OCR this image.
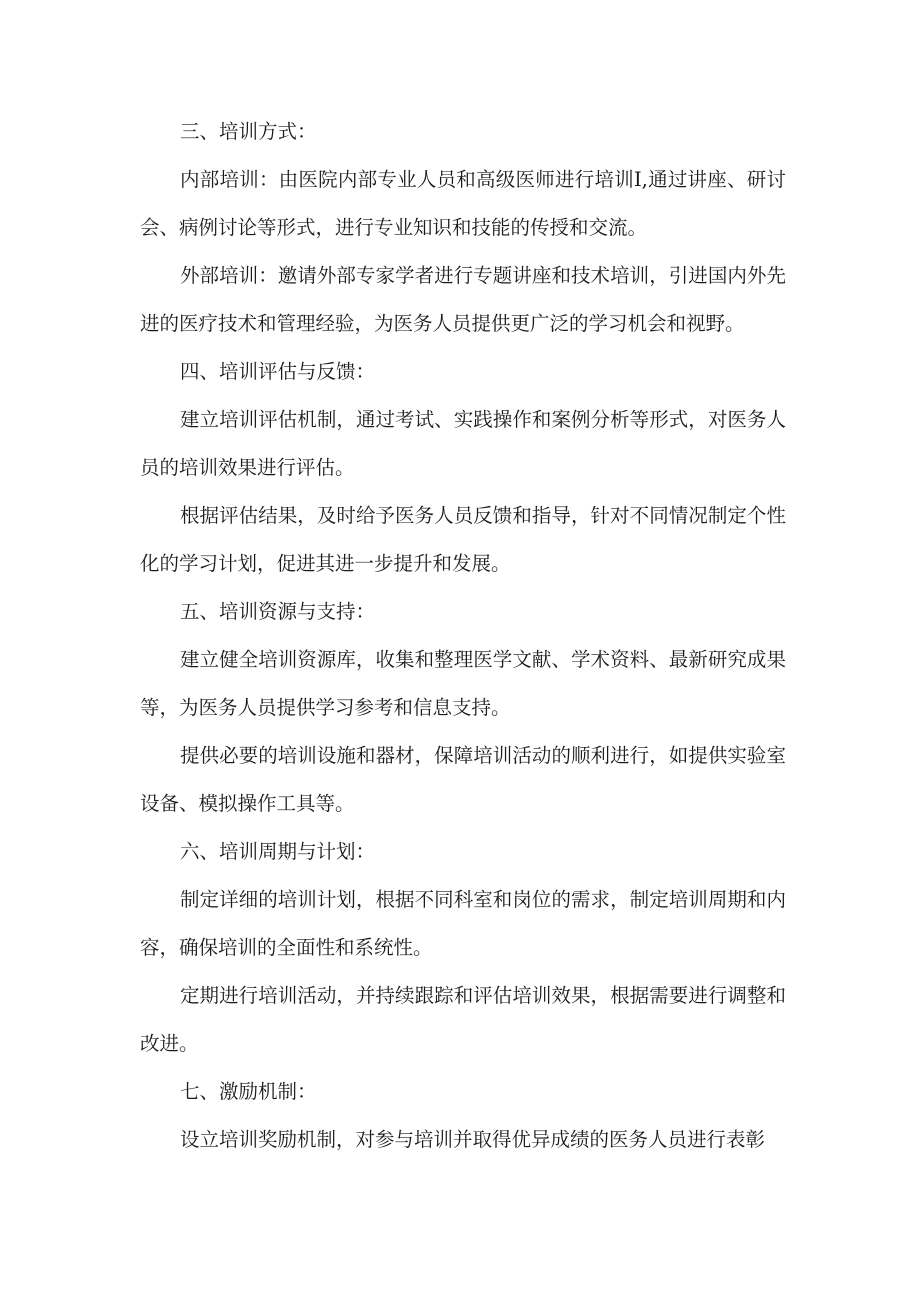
三、培训方式：

内部培训：由医院内部专业人员和高级医师进行培训I,通过讲座、研讨会、病例讨论等形式，进行专业知识和技能的传授和交流。

外部培训：邀请外部专家学者进行专题讲座和技术培训，引进国内外先进的医疗技术和管理经验，为医务人员提供更广泛的学习机会和视野。

四、培训评估与反馈：

建立培训评估机制，通过考试、实践操作和案例分析等形式，对医务人员的培训效果进行评估。

根据评估结果，及时给予医务人员反馈和指导，针对不同情况制定个性化的学习计划，促进其进一步提升和发展。

五、培训资源与支持：

建立健全培训资源库，收集和整理医学文献、学术资料、最新研究成果等，为医务人员提供学习参考和信息支持。

提供必要的培训设施和器材，保障培训活动的顺利进行，如提供实验室设备、模拟操作工具等。

六、培训周期与计划：

制定详细的培训计划，根据不同科室和岗位的需求，制定培训周期和内容，确保培训的全面性和系统性。

定期进行培训活动，并持续跟踪和评估培训效果，根据需要进行调整和改进。

七、激励机制：

设立培训奖励机制，对参与培训并取得优异成绩的医务人员进行表彰
